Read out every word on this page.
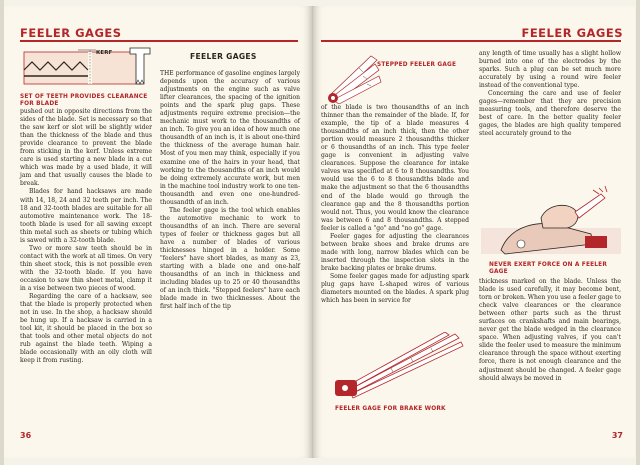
FEELER GAGES
KERF
SET OF TEETH PROVIDES CLEARANCE FOR BLADE

pushed out in opposite directions from the sides of the blade. Set is necessary so that the saw kerf or slot will be slightly wider than the thickness of the blade and thus provide clearance to prevent the blade from sticking in the kerf. Unless extreme care is used starting a new blade in a cut which was made by a used blade, it will jam and that usually causes the blade to break.

Blades for hand hacksaws are made with 14, 18, 24 and 32 teeth per inch. The 18 and 32-tooth blades are suitable for all automotive maintenance work. The 18-tooth blade is used for all sawing except thin metal such as sheets or tubing which is sawed with a 32-tooth blade.

Two or more saw teeth should be in contact with the work at all times. On very thin sheet stock, this is not possible even with the 32-tooth blade. If you have occasion to saw thin sheet metal, clamp it in a vise between two pieces of wood.

Regarding the care of a hacksaw, see that the blade is properly protected when not in use. In the shop, a hacksaw should be hung up. If a hacksaw is carried in a tool kit, it should be placed in the box so that tools and other metal objects do not rub against the blade teeth. Wiping a blade occasionally with an oily cloth will keep it from rusting.

FEELER GAGES

THE performance of gasoline engines largely depends upon the accuracy of various adjustments on the engine such as valve lifter clearances, the spacing of the ignition points and the spark plug gaps. These adjustments require extreme precision—the mechanic must work to the thousandths of an inch. To give you an idea of how much one thousandth of an inch is, it is about one-third the thickness of the average human hair. Most of you men may think, especially if you examine one of the hairs in your head, that working to the thousandths of an inch would be doing extremely accurate work, but men in the machine tool industry work to one ten-thousandth and even one one-hundred-thousandth of an inch.

The feeler gage is the tool which enables the automotive mechanic to work to thousandths of an inch. There are several types of feeler or thickness gages but all have a number of blades of various thicknesses hinged in a holder. Some "feelers" have short blades, as many as 23, starting with a blade one and one-half thousandths of an inch in thickness and including blades up to 25 or 40 thousandths of an inch thick. "Stepped feelers" have each blade made in two thicknesses. About the first half inch of the tip

36
FEELER GAGES
STEPPED FEELER GAGE

of the blade is two thousandths of an inch thinner than the remainder of the blade. If, for example, the tip of a blade measures 4 thousandths of an inch thick, then the other portion would measure 2 thousandths thicker or 6 thousandths of an inch. This type feeler gage is convenient in adjusting valve clearances. Suppose the clearance for intake valves was specified at 6 to 8 thousandths. You would use the 6 to 8 thousandths blade and make the adjustment so that the 6 thousandths end of the blade would go through the clearance gap and the 8 thousandths portion would not. Thus, you would know the clearance was between 6 and 8 thousandths. A stepped feeler is called a "go" and "no go" gage.

Feeler gages for adjusting the clearances between brake shoes and brake drums are made with long, narrow blades which can be inserted through the inspection slots in the brake backing plates or brake drums.

Some feeler gages made for adjusting spark plug gaps have L-shaped wires of various diameters mounted on the blades. A spark plug which has been in service for

FEELER GAGE FOR BRAKE WORK

any length of time usually has a slight hollow burned into one of the electrodes by the sparks. Such a plug can be set much more accurately by using a round wire feeler instead of the conventional type.

Concerning the care and use of feeler gages—remember that they are precision measuring tools, and therefore deserve the best of care. In the better quality feeler gages, the blades are high quality tempered steel accurately ground to the

NEVER EXERT FORCE ON A FEELER GAGE

thickness marked on the blade. Unless the blade is used carefully, it may become bent, torn or broken. When you use a feeler gage to check valve clearances or the clearance between other parts such as the thrust surfaces on crankshafts and main bearings, never get the blade wedged in the clearance space. When adjusting valves, if you can't slide the feeler used to measure the minimum clearance through the space without exerting force, there is not enough clearance and the adjustment should be changed. A feeler gage should always be moved in

37
